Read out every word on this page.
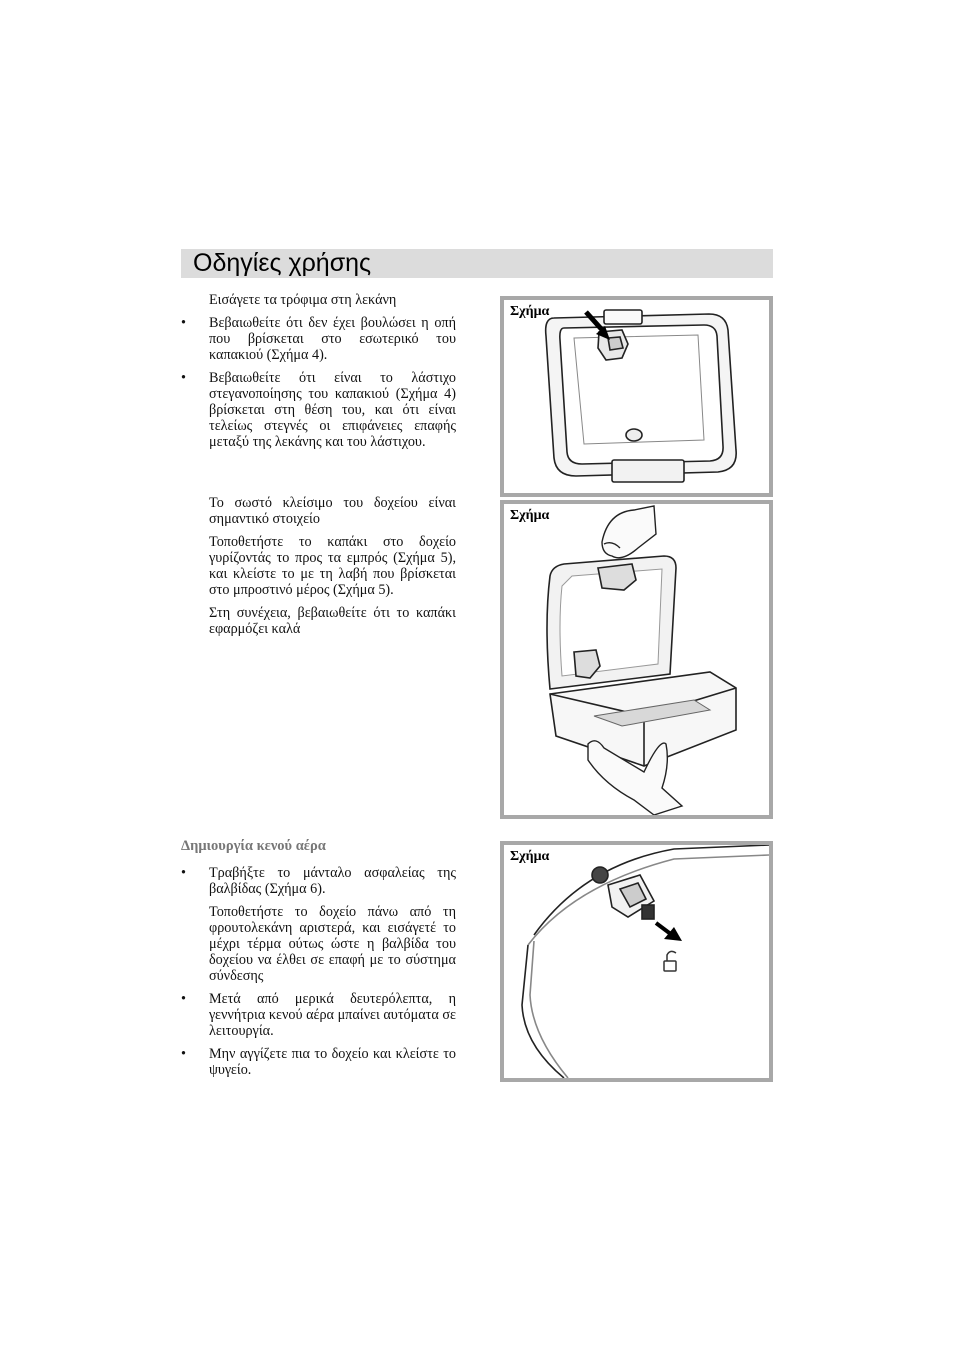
Οδηγίες χρήσης

Εισάγετε τα τρόφιμα στη λεκάνη

• Βεβαιωθείτε ότι δεν έχει βουλώσει η οπή που βρίσκεται στο εσωτερικό του καπακιού (Σχήμα 4).

• Βεβαιωθείτε ότι είναι το λάστιχο στεγανοποίησης του καπακιού (Σχήμα 4) βρίσκεται στη θέση του, και ότι είναι τελείως στεγνές οι επιφάνειες επαφής μεταξύ της λεκάνης και του λάστιχου.

Το σωστό κλείσιμο του δοχείου είναι σημαντικό στοιχείο

Τοποθετήστε το καπάκι στο δοχείο γυρίζοντάς το προς τα εμπρός (Σχήμα 5), και κλείστε το με τη λαβή που βρίσκεται στο μπροστινό μέρος (Σχήμα 5).

Στη συνέχεια, βεβαιωθείτε ότι το καπάκι εφαρμόζει καλά

Δημιουργία κενού αέρα

• Τραβήξτε το μάνταλο ασφαλείας της βαλβίδας (Σχήμα 6).

Τοποθετήστε το δοχείο πάνω από τη φρουτολεκάνη αριστερά, και εισάγετέ το μέχρι τέρμα ούτως ώστε η βαλβίδα του δοχείου να έλθει σε επαφή με το σύστημα σύνδεσης

• Μετά από μερικά δευτερόλεπτα, η γεννήτρια κενού αέρα μπαίνει αυτόματα σε λειτουργία.

• Μην αγγίζετε πια το δοχείο και κλείστε το ψυγείο.

Σχήμα
Σχήμα
Σχήμα
